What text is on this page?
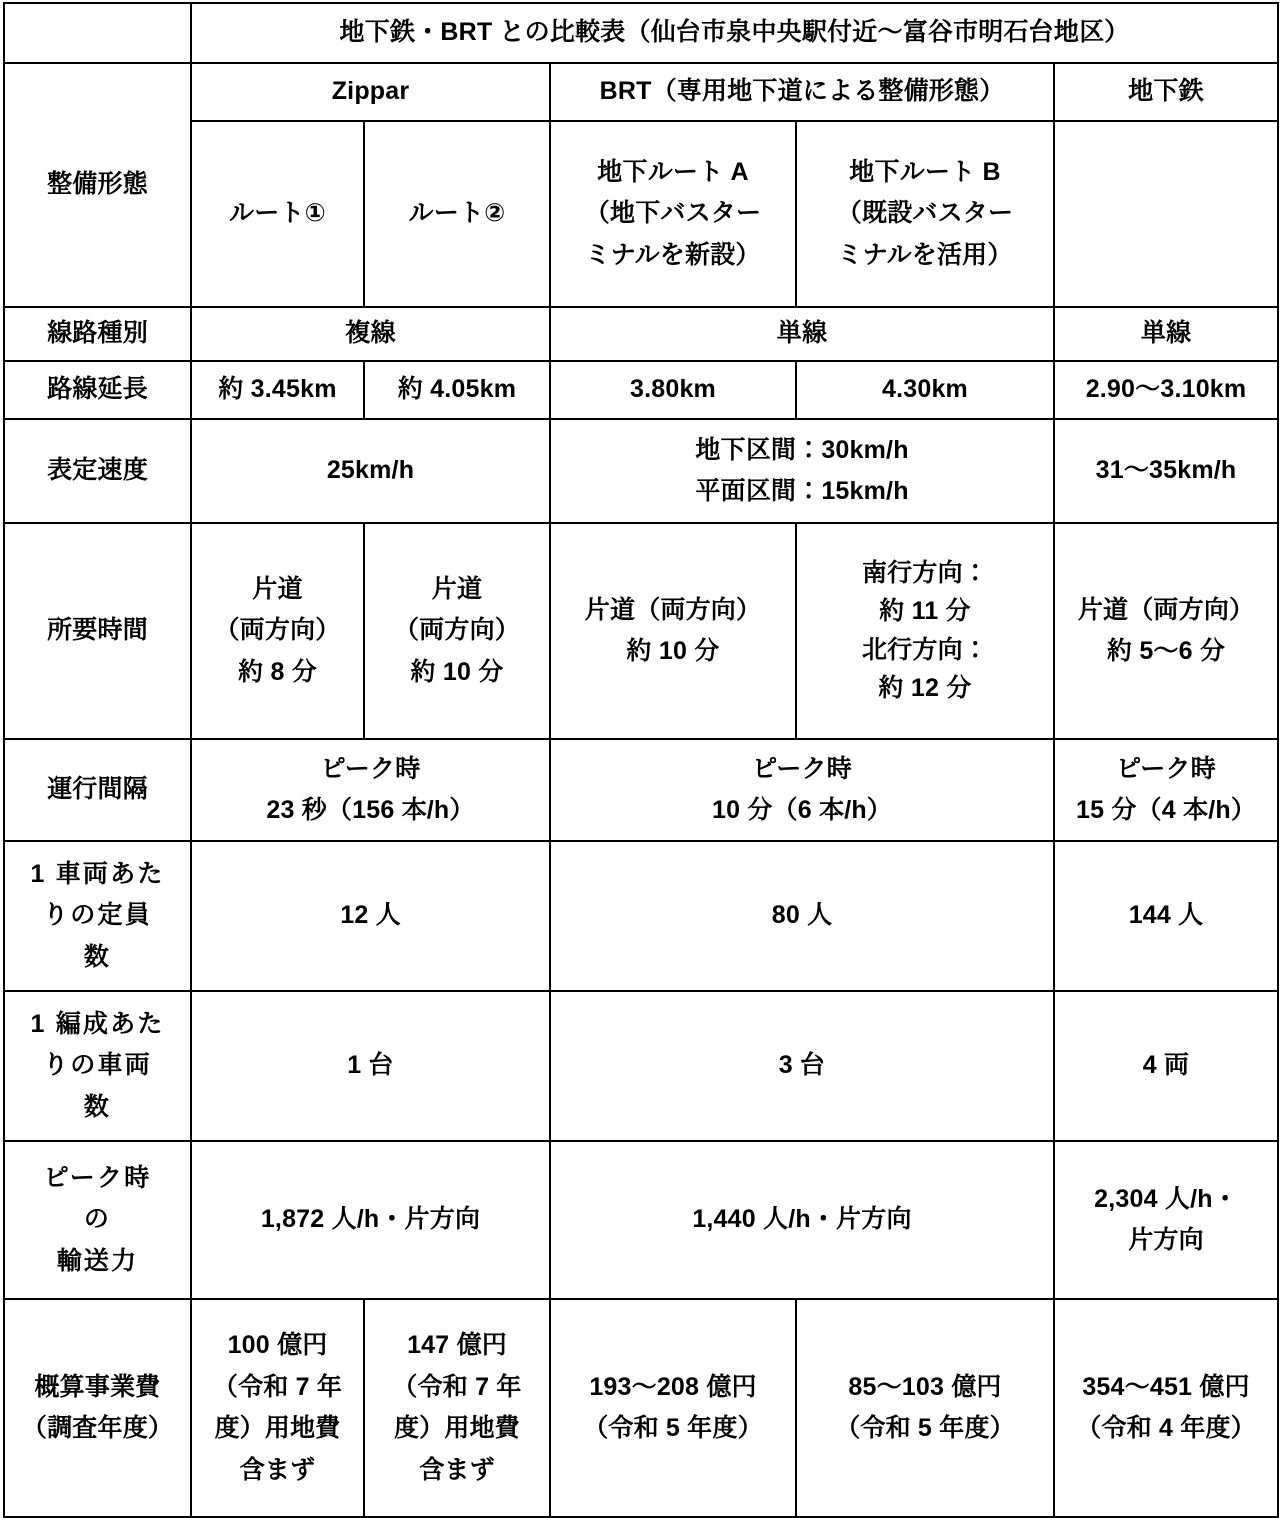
	地下鉄・BRT との比較表（仙台市泉中央駅付近～富谷市明石台地区）				
整備形態	Zippar		BRT（専用地下道による整備形態）		地下鉄

	ルート①	ルート②	地下ルート A
（地下バスター
ミナルを新設）	地下ルート B
（既設バスター
ミナルを活用）	

線路種別	複線		単線		単線
路線延長	約 3.45km	約 4.05km	3.80km	4.30km	2.90～3.10km
表定速度	25km/h		地下区間：30km/h
平面区間：15km/h		31～35km/h
所要時間	片道
（両方向）
約 8 分	片道
（両方向）
約 10 分	片道（両方向）
約 10 分	南行方向：
約 11 分
北行方向：
約 12 分	片道（両方向）
約 5～6 分

運行間隔	ピーク時
23 秒（156 本/h）		ピーク時
10 分（6 本/h）		ピーク時
15 分（4 本/h）

1 車両あた
りの定員
数	12 人		80 人		144 人

1 編成あた
りの車両
数	1 台		3 台		4 両

ピーク時
の
輸送力	1,872 人/h・片方向		1,440 人/h・片方向		2,304 人/h・
片方向

概算事業費
（調査年度）	100 億円
（令和 7 年
度）用地費
含まず	147 億円
（令和 7 年
度）用地費
含まず	193～208 億円
（令和 5 年度）	85～103 億円
（令和 5 年度）	354～451 億円
（令和 4 年度）
